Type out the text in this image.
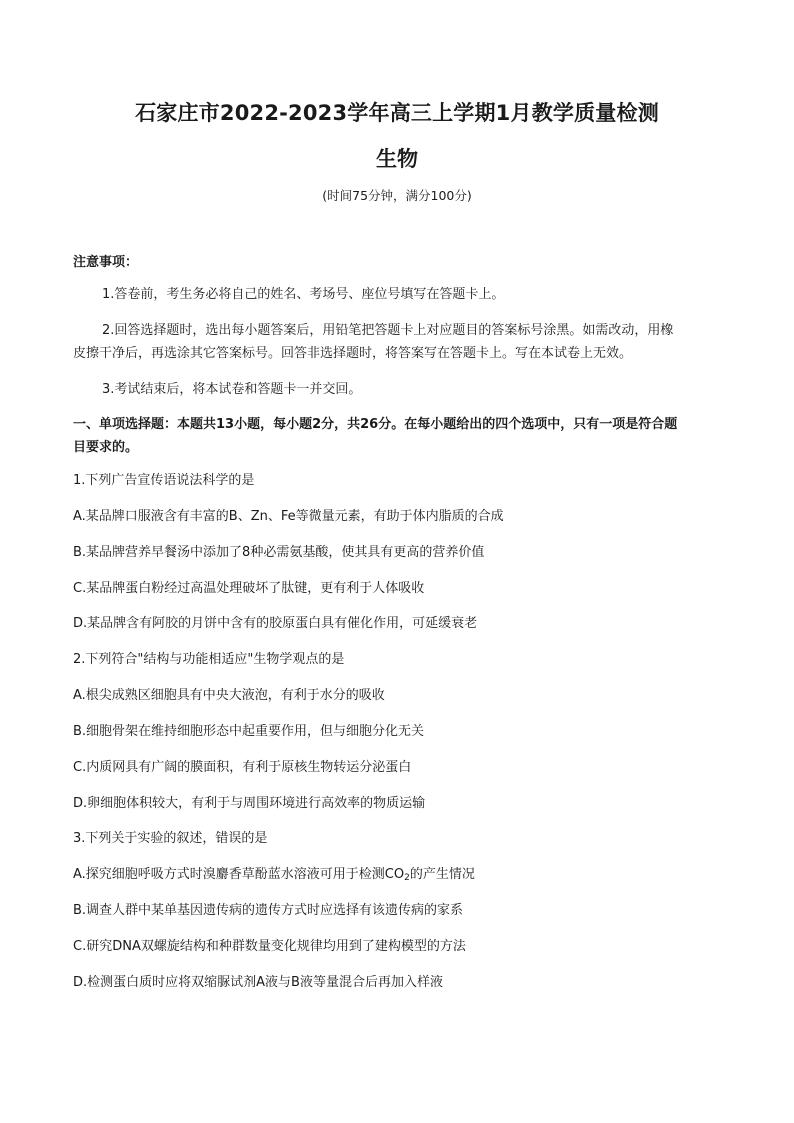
石家庄市2022-2023学年高三上学期1月教学质量检测
生物

(时间75分钟，满分100分)

注意事项：

1.答卷前，考生务必将自己的姓名、考场号、座位号填写在答题卡上。

2.回答选择题时，选出每小题答案后，用铅笔把答题卡上对应题目的答案标号涂黑。如需改动，用橡

皮擦干净后，再选涂其它答案标号。回答非选择题时，将答案写在答题卡上。写在本试卷上无效。

3.考试结束后，将本试卷和答题卡一并交回。

一、单项选择题：本题共13小题，每小题2分，共26分。在每小题给出的四个选项中，只有一项是符合题

目要求的。

1.下列广告宣传语说法科学的是

A.某品牌口服液含有丰富的B、Zn、Fe等微量元素，有助于体内脂质的合成

B.某品牌营养早餐汤中添加了8种必需氨基酸，使其具有更高的营养价值

C.某品牌蛋白粉经过高温处理破坏了肽键，更有利于人体吸收

D.某品牌含有阿胶的月饼中含有的胶原蛋白具有催化作用，可延缓衰老

2.下列符合"结构与功能相适应"生物学观点的是

A.根尖成熟区细胞具有中央大液泡，有利于水分的吸收

B.细胞骨架在维持细胞形态中起重要作用，但与细胞分化无关

C.内质网具有广阔的膜面积，有利于原核生物转运分泌蛋白

D.卵细胞体积较大，有利于与周围环境进行高效率的物质运输

3.下列关于实验的叙述，错误的是

A.探究细胞呼吸方式时溴麝香草酚蓝水溶液可用于检测$CO_2$的产生情况

B.调查人群中某单基因遗传病的遗传方式时应选择有该遗传病的家系

C.研究DNA双螺旋结构和种群数量变化规律均用到了建构模型的方法

D.检测蛋白质时应将双缩脲试剂A液与B液等量混合后再加入样液
